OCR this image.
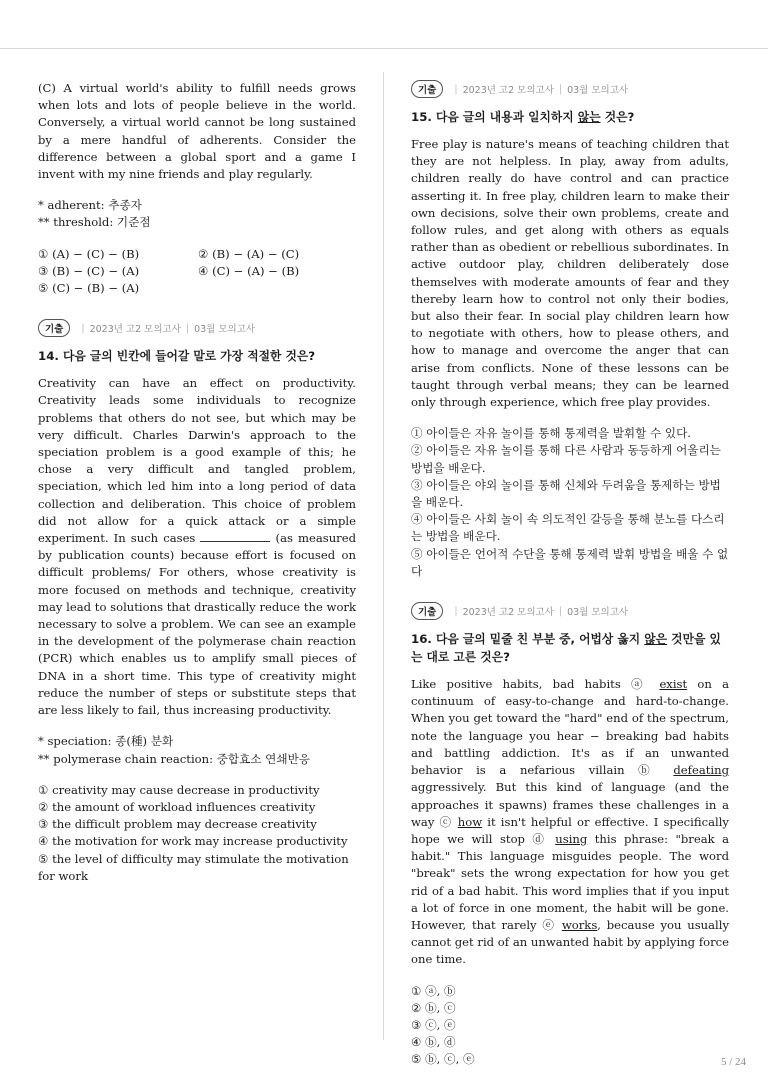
(C) A virtual world's ability to fulfill needs grows when lots and lots of people believe in the world. Conversely, a virtual world cannot be long sustained by a mere handful of adherents. Consider the difference between a global sport and a game I invent with my nine friends and play regularly.

* adherent: 추종자

** threshold: 기준점

① (A) − (C) − (B)	② (B) − (A) − (C)
③ (B) − (C) − (A)	④ (C) − (A) − (B)

⑤ (C) − (B) − (A)

기출	| 2023년 고2 모의고사 | 03월 모의고사

14. 다음 글의 빈칸에 들어갈 말로 가장 적절한 것은?

Creativity can have an effect on productivity. Creativity leads some individuals to recognize problems that others do not see, but which may be very difficult. Charles Darwin's approach to the speciation problem is a good example of this; he chose a very difficult and tangled problem, speciation, which led him into a long period of data collection and deliberation. This choice of problem did not allow for a quick attack or a simple experiment. In such cases	(as measured by publication counts) because effort is focused on difficult problems/ For others, whose creativity is more focused on methods and technique, creativity may lead to solutions that drastically reduce the work necessary to solve a problem. We can see an example in the development of the polymerase chain reaction (PCR) which enables us to amplify small pieces of DNA in a short time. This type of creativity might reduce the number of steps or substitute steps that are less likely to fail, thus increasing productivity.

* speciation: 종(種) 분화

** polymerase chain reaction: 중합효소 연쇄반응

① creativity may cause decrease in productivity

② the amount of workload influences creativity

③ the difficult problem may decrease creativity

④ the motivation for work may increase productivity

⑤ the level of difficulty may stimulate the motivation for work

기출	| 2023년 고2 모의고사 | 03월 모의고사

15. 다음 글의 내용과 일치하지 않는 것은?

Free play is nature's means of teaching children that they are not helpless. In play, away from adults, children really do have control and can practice asserting it. In free play, children learn to make their own decisions, solve their own problems, create and follow rules, and get along with others as equals rather than as obedient or rebellious subordinates. In active outdoor play, children deliberately dose themselves with moderate amounts of fear and they thereby learn how to control not only their bodies, but also their fear. In social play children learn how to negotiate with others, how to please others, and how to manage and overcome the anger that can arise from conflicts. None of these lessons can be taught through verbal means; they can be learned only through experience, which free play provides.

① 아이들은 자유 놀이를 통해 통제력을 발휘할 수 있다.

② 아이들은 자유 놀이를 통해 다른 사람과 동등하게 어울리는 방법을 배운다.

③ 아이들은 야외 놀이를 통해 신체와 두려움을 통제하는 방법을 배운다.

④ 아이들은 사회 놀이 속 의도적인 갈등을 통해 분노를 다스리는 방법을 배운다.

⑤ 아이들은 언어적 수단을 통해 통제력 발휘 방법을 배울 수 없다

기출	| 2023년 고2 모의고사 | 03월 모의고사

16. 다음 글의 밑줄 친 부분 중, 어법상 옳지 않은 것만을 있는 대로 고른 것은?

Like positive habits, bad habits ⓐ exist on a continuum of easy-to-change and hard-to-change. When you get toward the "hard" end of the spectrum, note the language you hear − breaking bad habits and battling addiction. It's as if an unwanted behavior is a nefarious villain ⓑ defeating aggressively. But this kind of language (and the approaches it spawns) frames these challenges in a way ⓒ how it isn't helpful or effective. I specifically hope we will stop ⓓ using this phrase: "break a habit." This language misguides people. The word "break" sets the wrong expectation for how you get rid of a bad habit. This word implies that if you input a lot of force in one moment, the habit will be gone. However, that rarely ⓔ works, because you usually cannot get rid of an unwanted habit by applying force one time.

① ⓐ, ⓑ

② ⓑ, ⓒ

③ ⓒ, ⓔ

④ ⓑ, ⓓ

⑤ ⓑ, ⓒ, ⓔ	5 / 24
